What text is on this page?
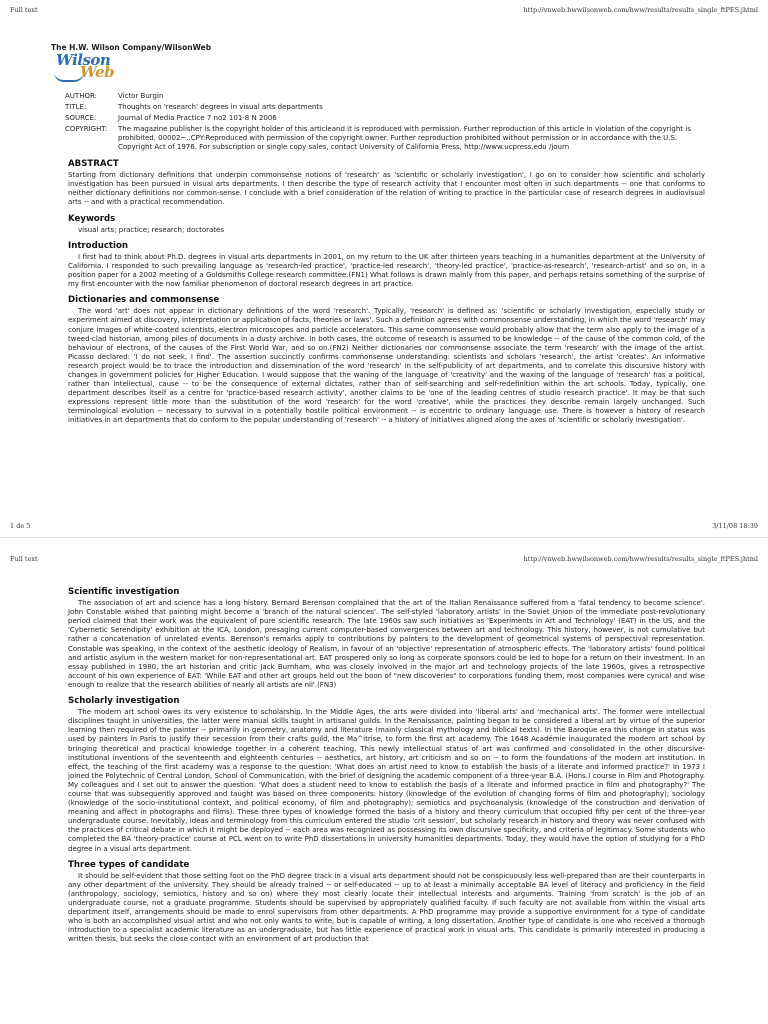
Full text	http://vnweb.hwwilsonweb.com/hww/results/results_single_ftPES.jhtml
The H.W. Wilson Company/WilsonWeb
Wilson
Web
AUTHOR:	Victor Burgin
TITLE:	Thoughts on 'research' degrees in visual arts departments
SOURCE:	Journal of Media Practice 7 no2 101-8 N 2006
COPYRIGHT:	The magazine publisher is the copyright holder of this articleand it is reproduced with permission. Further reproduction of this article in violation of the copyright is prohibited. 00002~..CPY:Reproduced with permission of the copyright owner. Further reproduction prohibited without permission or in accordance with the U.S. Copyright Act of 1976. For subscription or single copy sales, contact University of California Press, http://www.ucpress.edu /journ
ABSTRACT

Starting from dictionary definitions that underpin commonsense notions of 'research' as 'scientific or scholarly investigation', I go on to consider how scientific and scholarly investigation has been pursued in visual arts departments. I then describe the type of research activity that I encounter most often in such departments -- one that conforms to neither dictionary definitions nor common-sense. I conclude with a brief consideration of the relation of writing to practice in the particular case of research degrees in audiovisual arts -- and with a practical recommendation.

Keywords

visual arts; practice; research; doctorates

Introduction

I first had to think about Ph.D. degrees in visual arts departments in 2001, on my return to the UK after thirteen years teaching in a humanities department at the University of California. I responded to such prevailing language as 'research-led practice', 'practice-led research', 'theory-led practice', 'practice-as-research', 'research-artist' and so on, in a position paper for a 2002 meeting of a Goldsmiths College research committee.(FN1) What follows is drawn mainly from this paper, and perhaps retains something of the surprise of my first encounter with the now familiar phenomenon of doctoral research degrees in art practice.

Dictionaries and commonsense

The word 'art' does not appear in dictionary definitions of the word 'research'. Typically, 'research' is defined as: 'scientific or scholarly investigation, especially study or experiment aimed at discovery, interpretation or application of facts, theories or laws'. Such a definition agrees with commonsense understanding, in which the word 'research' may conjure images of white-coated scientists, electron microscopes and particle accelerators. This same commonsense would probably allow that the term also apply to the image of a tweed-clad historian, among piles of documents in a dusty archive. In both cases, the outcome of research is assumed to be knowledge -- of the cause of the common cold, of the behaviour of electrons, of the causes of the First World War, and so on.(FN2) Neither dictionaries nor commonsense associate the term 'research' with the image of the artist. Picasso declared: 'I do not seek, I find'. The assertion succinctly confirms commonsense understanding: scientists and scholars 'research', the artist 'creates'. An informative research project would be to trace the introduction and dissemination of the word 'research' in the self-publicity of art departments, and to correlate this discursive history with changes in government policies for Higher Education. I would suppose that the waning of the language of 'creativity' and the waxing of the language of 'research' has a political, rather than intellectual, cause -- to be the consequence of external dictates, rather than of self-searching and self-redefinition within the art schools. Today, typically, one department describes itself as a centre for 'practice-based research activity', another claims to be 'one of the leading centres of studio research practice'. It may be that such expressions represent little more than the substitution of the word 'research' for the word 'creative', while the practices they describe remain largely unchanged. Such terminological evolution -- necessary to survival in a potentially hostile political environment -- is eccentric to ordinary language use. There is however a history of research initiatives in art departments that do conform to the popular understanding of 'research' -- a history of initiatives aligned along the axes of 'scientific or scholarly investigation'.

1 de 5	3/11/08 18:39
Full text	http://vnweb.hwwilsonweb.com/hww/results/results_single_ftPES.jhtml
Scientific investigation

The association of art and science has a long history. Bernard Berenson complained that the art of the Italian Renaissance suffered from a 'fatal tendency to become science'. John Constable wished that painting might become a 'branch of the natural sciences'. The self-styled 'laboratory artists' in the Soviet Union of the immediate post-revolutionary period claimed that their work was the equivalent of pure scientific research. The late 1960s saw such initiatives as 'Experiments in Art and Technology' (EAT) in the US, and the 'Cybernetic Serendipity' exhibition at the ICA, London, presaging current computer-based convergences between art and technology. This history, however, is not cumulative but rather a concatenation of unrelated events. Berenson's remarks apply to contributions by painters to the development of geometrical systems of perspectival representation. Constable was speaking, in the context of the aesthetic ideology of Realism, in favour of an 'objective' representation of atmospheric effects. The 'laboratory artists' found political and artistic asylum in the western market for non-representational art. EAT prospered only so long as corporate sponsors could be led to hope for a return on their investment. In an essay published in 1980, the art historian and critic Jack Burnham, who was closely involved in the major art and technology projects of the late 1960s, gives a retrospective account of his own experience of EAT: 'While EAT and other art groups held out the boon of "new discoveries" to corporations funding them, most companies were cynical and wise enough to realize that the research abilities of nearly all artists are nil'.(FN3)

Scholarly investigation

The modern art school owes its very existence to scholarship. In the Middle Ages, the arts were divided into 'liberal arts' and 'mechanical arts'. The former were intellectual disciplines taught in universities, the latter were manual skills taught in artisanal guilds. In the Renaissance, painting began to be considered a liberal art by virtue of the superior learning then required of the painter -- primarily in geometry, anatomy and literature (mainly classical mythology and biblical texts). In the Baroque era this change in status was used by painters in Paris to justify their secession from their crafts guild, the Ma^itrise, to form the first art academy. The 1648 Académie inaugurated the modern art school by bringing theoretical and practical knowledge together in a coherent teaching. This newly intellectual status of art was confirmed and consolidated in the other discursive-institutional inventions of the seventeenth and eighteenth centuries -- aesthetics, art history, art criticism and so on -- to form the foundations of the modern art institution. In effect, the teaching of the first academy was a response to the question: 'What does an artist need to know to establish the basis of a literate and informed practice?' In 1973 I joined the Polytechnic of Central London, School of Communication, with the brief of designing the academic component of a three-year B.A. (Hons.) course in Film and Photography. My colleagues and I set out to answer the question: 'What does a student need to know to establish the basis of a literate and informed practice in film and photography?' The course that was subsequently approved and taught was based on three components: history (knowledge of the evolution of changing forms of film and photography); sociology (knowledge of the socio-institutional context, and political economy, of film and photography); semiotics and psychoanalysis (knowledge of the construction and derivation of meaning and affect in photographs and films). These three types of knowledge formed the basis of a history and theory curriculum that occupied fifty per cent of the three-year undergraduate course. Inevitably, ideas and terminology from this curriculum entered the studio 'crit session', but scholarly research in history and theory was never confused with the practices of critical debate in which it might be deployed -- each area was recognized as possessing its own discursive specificity, and criteria of legitimacy. Some students who completed the BA 'theory-practice' course at PCL went on to write PhD dissertations in university humanities departments. Today, they would have the option of studying for a PhD degree in a visual arts department.

Three types of candidate

It should be self-evident that those setting foot on the PhD degree track in a visual arts department should not be conspicuously less well-prepared than are their counterparts in any other department of the university. They should be already trained -- or self-educated -- up to at least a minimally acceptable BA level of literacy and proficiency in the field (anthropology, sociology, semiotics, history and so on) where they most clearly locate their intellectual interests and arguments. Training 'from scratch' is the job of an undergraduate course, not a graduate programme. Students should be supervised by appropriately qualified faculty. If such faculty are not available from within the visual arts department itself, arrangements should be made to enrol supervisors from other departments. A PhD programme may provide a supportive environment for a type of candidate who is both an accomplished visual artist and who not only wants to write, but is capable of writing, a long dissertation. Another type of candidate is one who received a thorough introduction to a specialist academic literature as an undergraduate, but has little experience of practical work in visual arts. This candidate is primarily interested in producing a written thesis, but seeks the close contact with an environment of art production that
